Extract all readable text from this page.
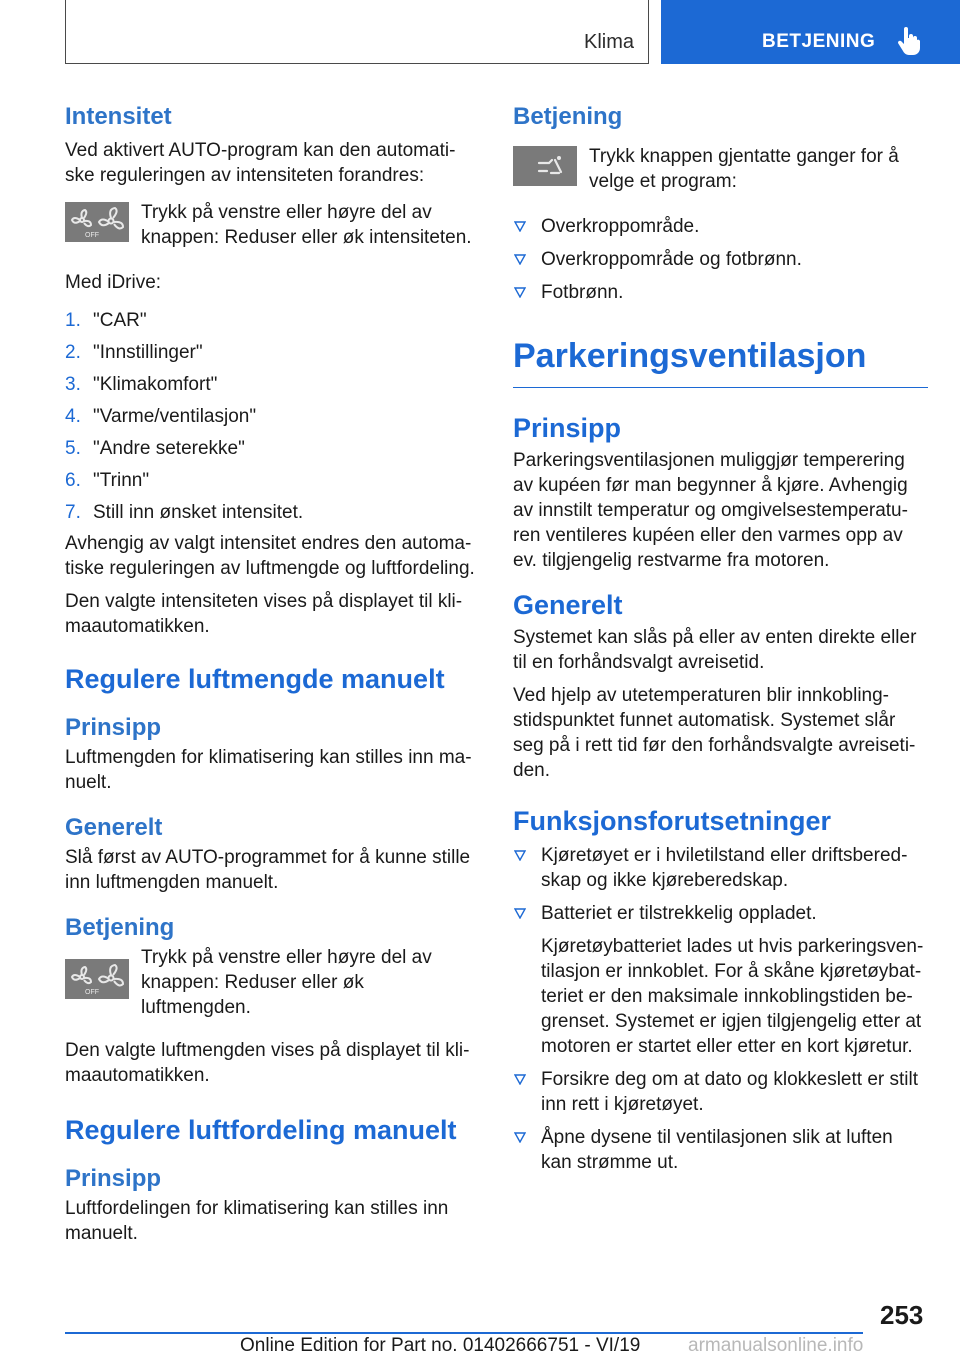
Klima	BETJENING
Intensitet

Ved aktivert AUTO-program kan den automati-ske reguleringen av intensiteten forandres:

OFF

Trykk på venstre eller høyre del av knappen: Reduser eller øk intensiteten.

Med iDrive:

1. "CAR"
2. "Innstillinger"
3. "Klimakomfort"
4. "Varme/ventilasjon"
5. "Andre seterekke"
6. "Trinn"
7. Still inn ønsket intensitet.

Avhengig av valgt intensitet endres den automa-tiske reguleringen av luftmengde og luftfordeling.

Den valgte intensiteten vises på displayet til kli-maautomatikken.

Regulere luftmengde manuelt
Prinsipp

Luftmengden for klimatisering kan stilles inn ma-nuelt.

Generelt

Slå først av AUTO-programmet for å kunne stille inn luftmengden manuelt.

Betjening
OFF

Trykk på venstre eller høyre del av knappen: Reduser eller øk luftmengden.

Den valgte luftmengden vises på displayet til kli-maautomatikken.

Regulere luftfordeling manuelt
Prinsipp

Luftfordelingen for klimatisering kan stilles inn manuelt.

Betjening

Trykk knappen gjentatte ganger for å velge et program:

Overkroppområde.
Overkroppområde og fotbrønn.
Fotbrønn.
Parkeringsventilasjon
Prinsipp

Parkeringsventilasjonen muliggjør temperering av kupéen før man begynner å kjøre. Avhengig av innstilt temperatur og omgivelsestemperatu-ren ventileres kupéen eller den varmes opp av ev. tilgjengelig restvarme fra motoren.

Generelt

Systemet kan slås på eller av enten direkte eller til en forhåndsvalgt avreisetid.

Ved hjelp av utetemperaturen blir innkobling-stidspunktet funnet automatisk. Systemet slår seg på i rett tid før den forhåndsvalgte avreiseti-den.

Funksjonsforutsetninger
Kjøretøyet er i hviletilstand eller driftsbered-skap og ikke kjøreberedskap.
Batteriet er tilstrekkelig oppladet.
Kjøretøybatteriet lades ut hvis parkeringsven-tilasjon er innkoblet. For å skåne kjøretøybat-teriet er den maksimale innkoblingstiden be-grenset. Systemet er igjen tilgjengelig etter at motoren er startet eller etter en kort kjøretur.
Forsikre deg om at dato og klokkeslett er stilt inn rett i kjøretøyet.
Åpne dysene til ventilasjonen slik at luften kan strømme ut.
253
Online Edition for Part no. 01402666751 - VI/19	armanualsonline.info
